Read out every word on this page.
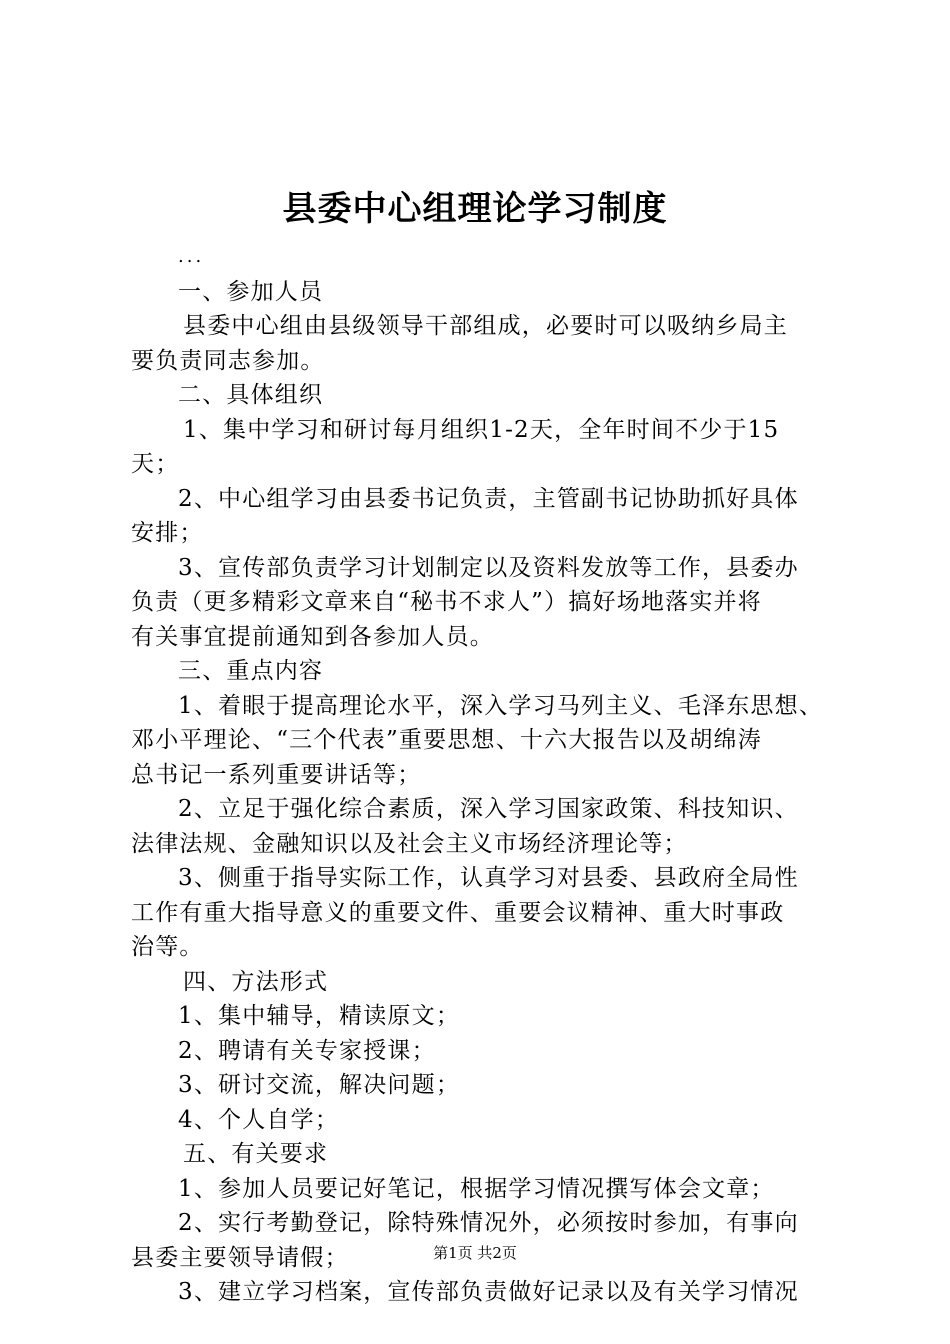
县委中心组理论学习制度
...
一、参加人员
县委中心组由县级领导干部组成，必要时可以吸纳乡局主
要负责同志参加。
二、具体组织
1、集中学习和研讨每月组织1-2天，全年时间不少于15
天；
2、中心组学习由县委书记负责，主管副书记协助抓好具体
安排；
3、宣传部负责学习计划制定以及资料发放等工作，县委办
负责（更多精彩文章来自“秘书不求人”）搞好场地落实并将
有关事宜提前通知到各参加人员。
三、重点内容
1、着眼于提高理论水平，深入学习马列主义、毛泽东思想、
邓小平理论、“三个代表”重要思想、十六大报告以及胡绵涛
总书记一系列重要讲话等；
2、立足于强化综合素质，深入学习国家政策、科技知识、
法律法规、金融知识以及社会主义市场经济理论等；
3、侧重于指导实际工作，认真学习对县委、县政府全局性
工作有重大指导意义的重要文件、重要会议精神、重大时事政
治等。
四、方法形式
1、集中辅导，精读原文；
2、聘请有关专家授课；
3、研讨交流，解决问题；
4、个人自学；
五、有关要求
1、参加人员要记好笔记，根据学习情况撰写体会文章；
2、实行考勤登记，除特殊情况外，必须按时参加，有事向
县委主要领导请假；
3、建立学习档案，宣传部负责做好记录以及有关学习情况
第1页 共2页
